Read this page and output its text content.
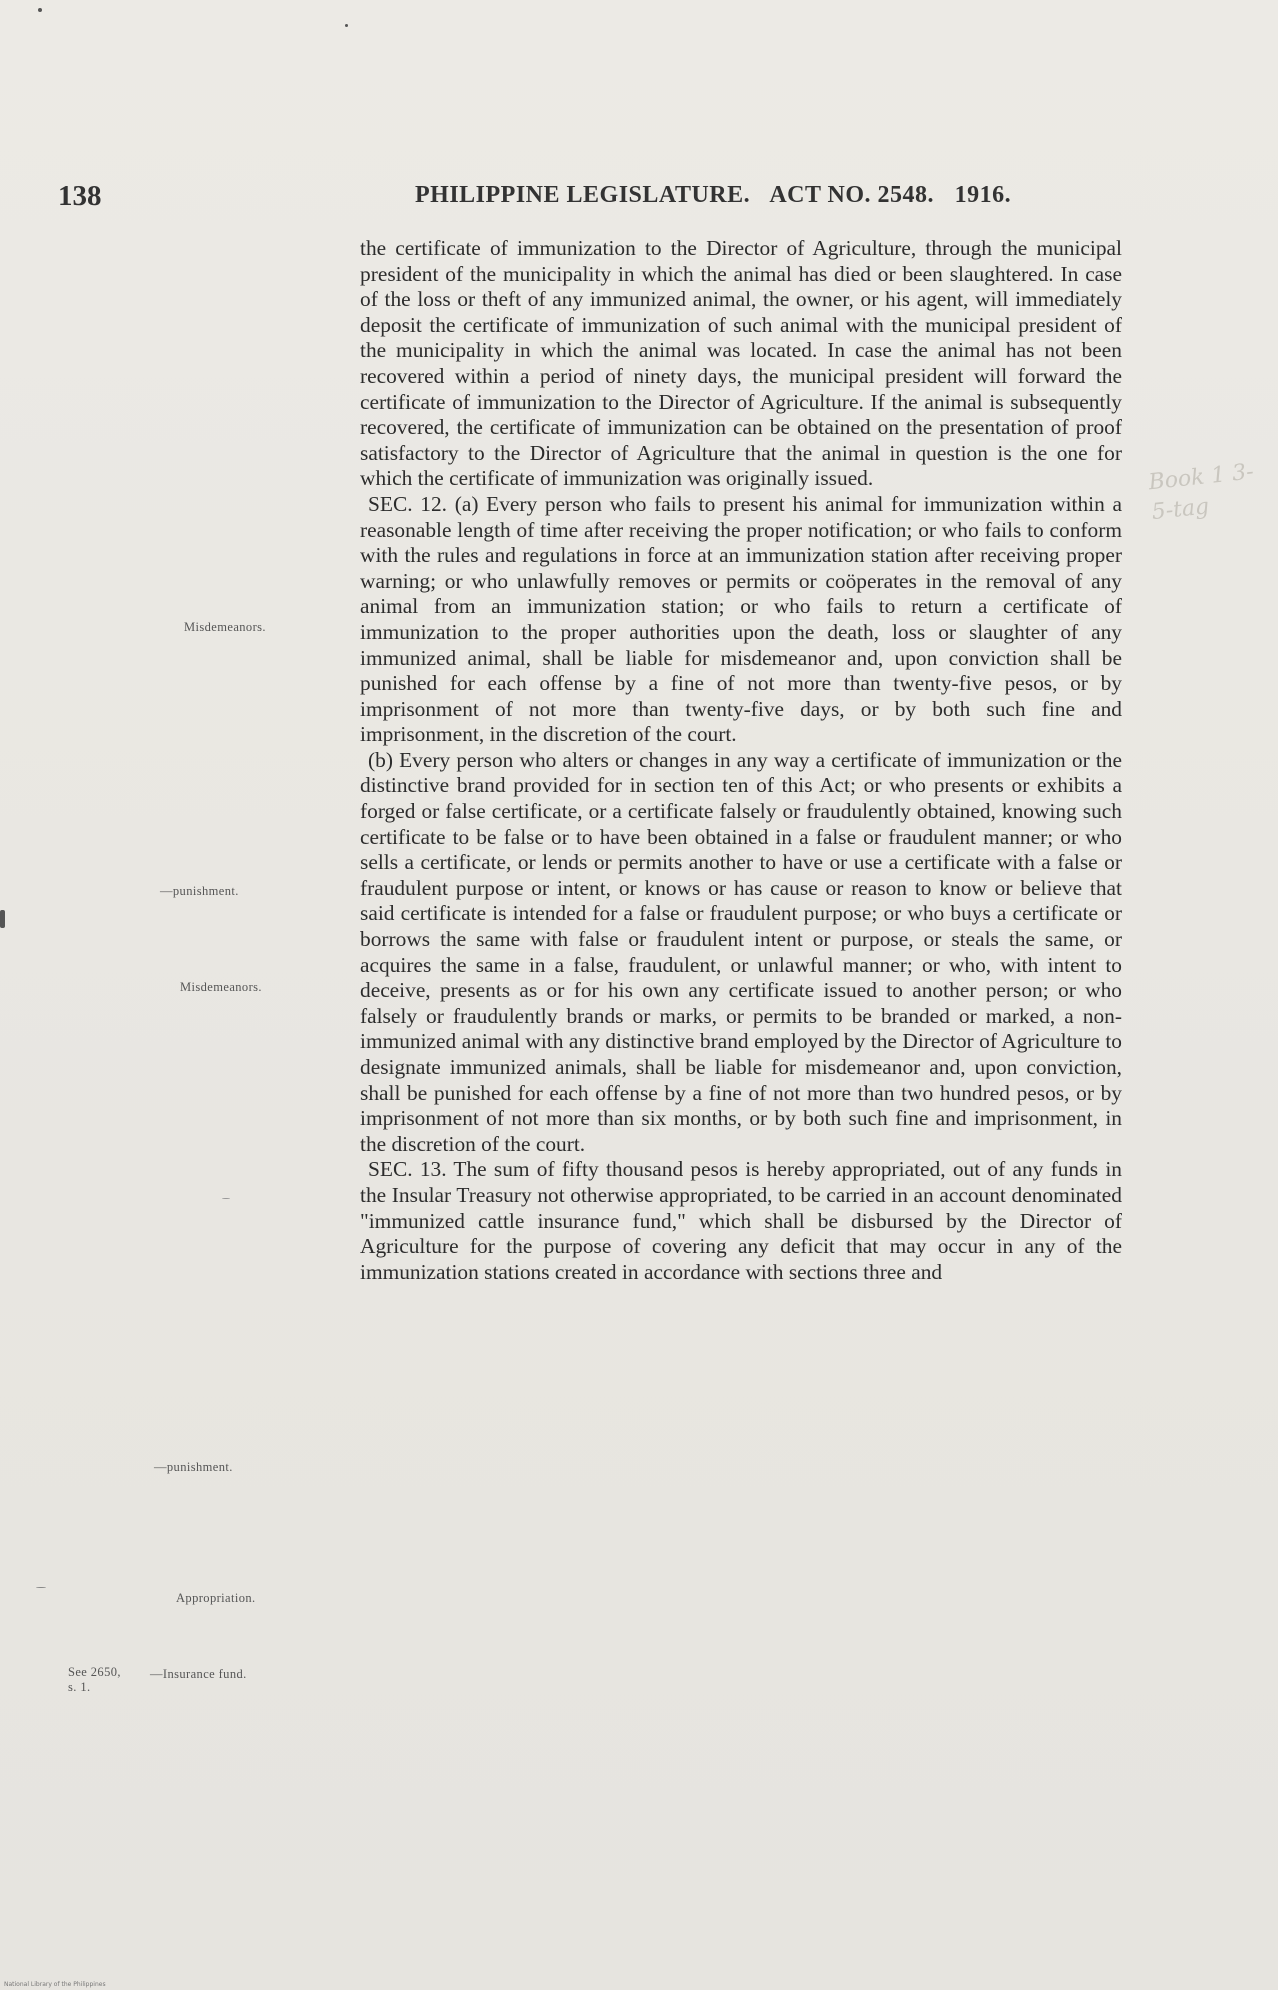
138	PHILIPPINE LEGISLATURE. ACT NO. 2548. 1916.
Misdemeanors.
—punishment.
Misdemeanors.
—punishment.
Appropriation.
See 2650,
s. 1.
—Insurance fund.

the certificate of immunization to the Director of Agriculture, through the municipal president of the municipality in which the animal has died or been slaughtered. In case of the loss or theft of any immunized animal, the owner, or his agent, will immediately deposit the certificate of immunization of such animal with the municipal president of the municipality in which the animal was located. In case the animal has not been recovered within a period of ninety days, the municipal president will forward the certificate of immunization to the Director of Agriculture. If the animal is subsequently recovered, the certificate of immunization can be obtained on the presentation of proof satisfactory to the Director of Agriculture that the animal in question is the one for which the certificate of immunization was originally issued.

SEC. 12. (a) Every person who fails to present his animal for immunization within a reasonable length of time after receiving the proper notification; or who fails to conform with the rules and regulations in force at an immunization station after receiving proper warning; or who unlawfully removes or permits or coöperates in the removal of any animal from an immunization station; or who fails to return a certificate of immunization to the proper authorities upon the death, loss or slaughter of any immunized animal, shall be liable for misdemeanor and, upon conviction shall be punished for each offense by a fine of not more than twenty-five pesos, or by imprisonment of not more than twenty-five days, or by both such fine and imprisonment, in the discretion of the court.

(b) Every person who alters or changes in any way a certificate of immunization or the distinctive brand provided for in section ten of this Act; or who presents or exhibits a forged or false certificate, or a certificate falsely or fraudulently obtained, knowing such certificate to be false or to have been obtained in a false or fraudulent manner; or who sells a certificate, or lends or permits another to have or use a certificate with a false or fraudulent purpose or intent, or knows or has cause or reason to know or believe that said certificate is intended for a false or fraudulent purpose; or who buys a certificate or borrows the same with false or fraudulent intent or purpose, or steals the same, or acquires the same in a false, fraudulent, or unlawful manner; or who, with intent to deceive, presents as or for his own any certificate issued to another person; or who falsely or fraudulently brands or marks, or permits to be branded or marked, a non-immunized animal with any distinctive brand employed by the Director of Agriculture to designate immunized animals, shall be liable for misdemeanor and, upon conviction, shall be punished for each offense by a fine of not more than two hundred pesos, or by imprisonment of not more than six months, or by both such fine and imprisonment, in the discretion of the court.

SEC. 13. The sum of fifty thousand pesos is hereby appropriated, out of any funds in the Insular Treasury not otherwise appropriated, to be carried in an account denominated "immunized cattle insurance fund," which shall be disbursed by the Director of Agriculture for the purpose of covering any deficit that may occur in any of the immunization stations created in accordance with sections three and

Book 1 3-5-tag
National Library of the Philippines
